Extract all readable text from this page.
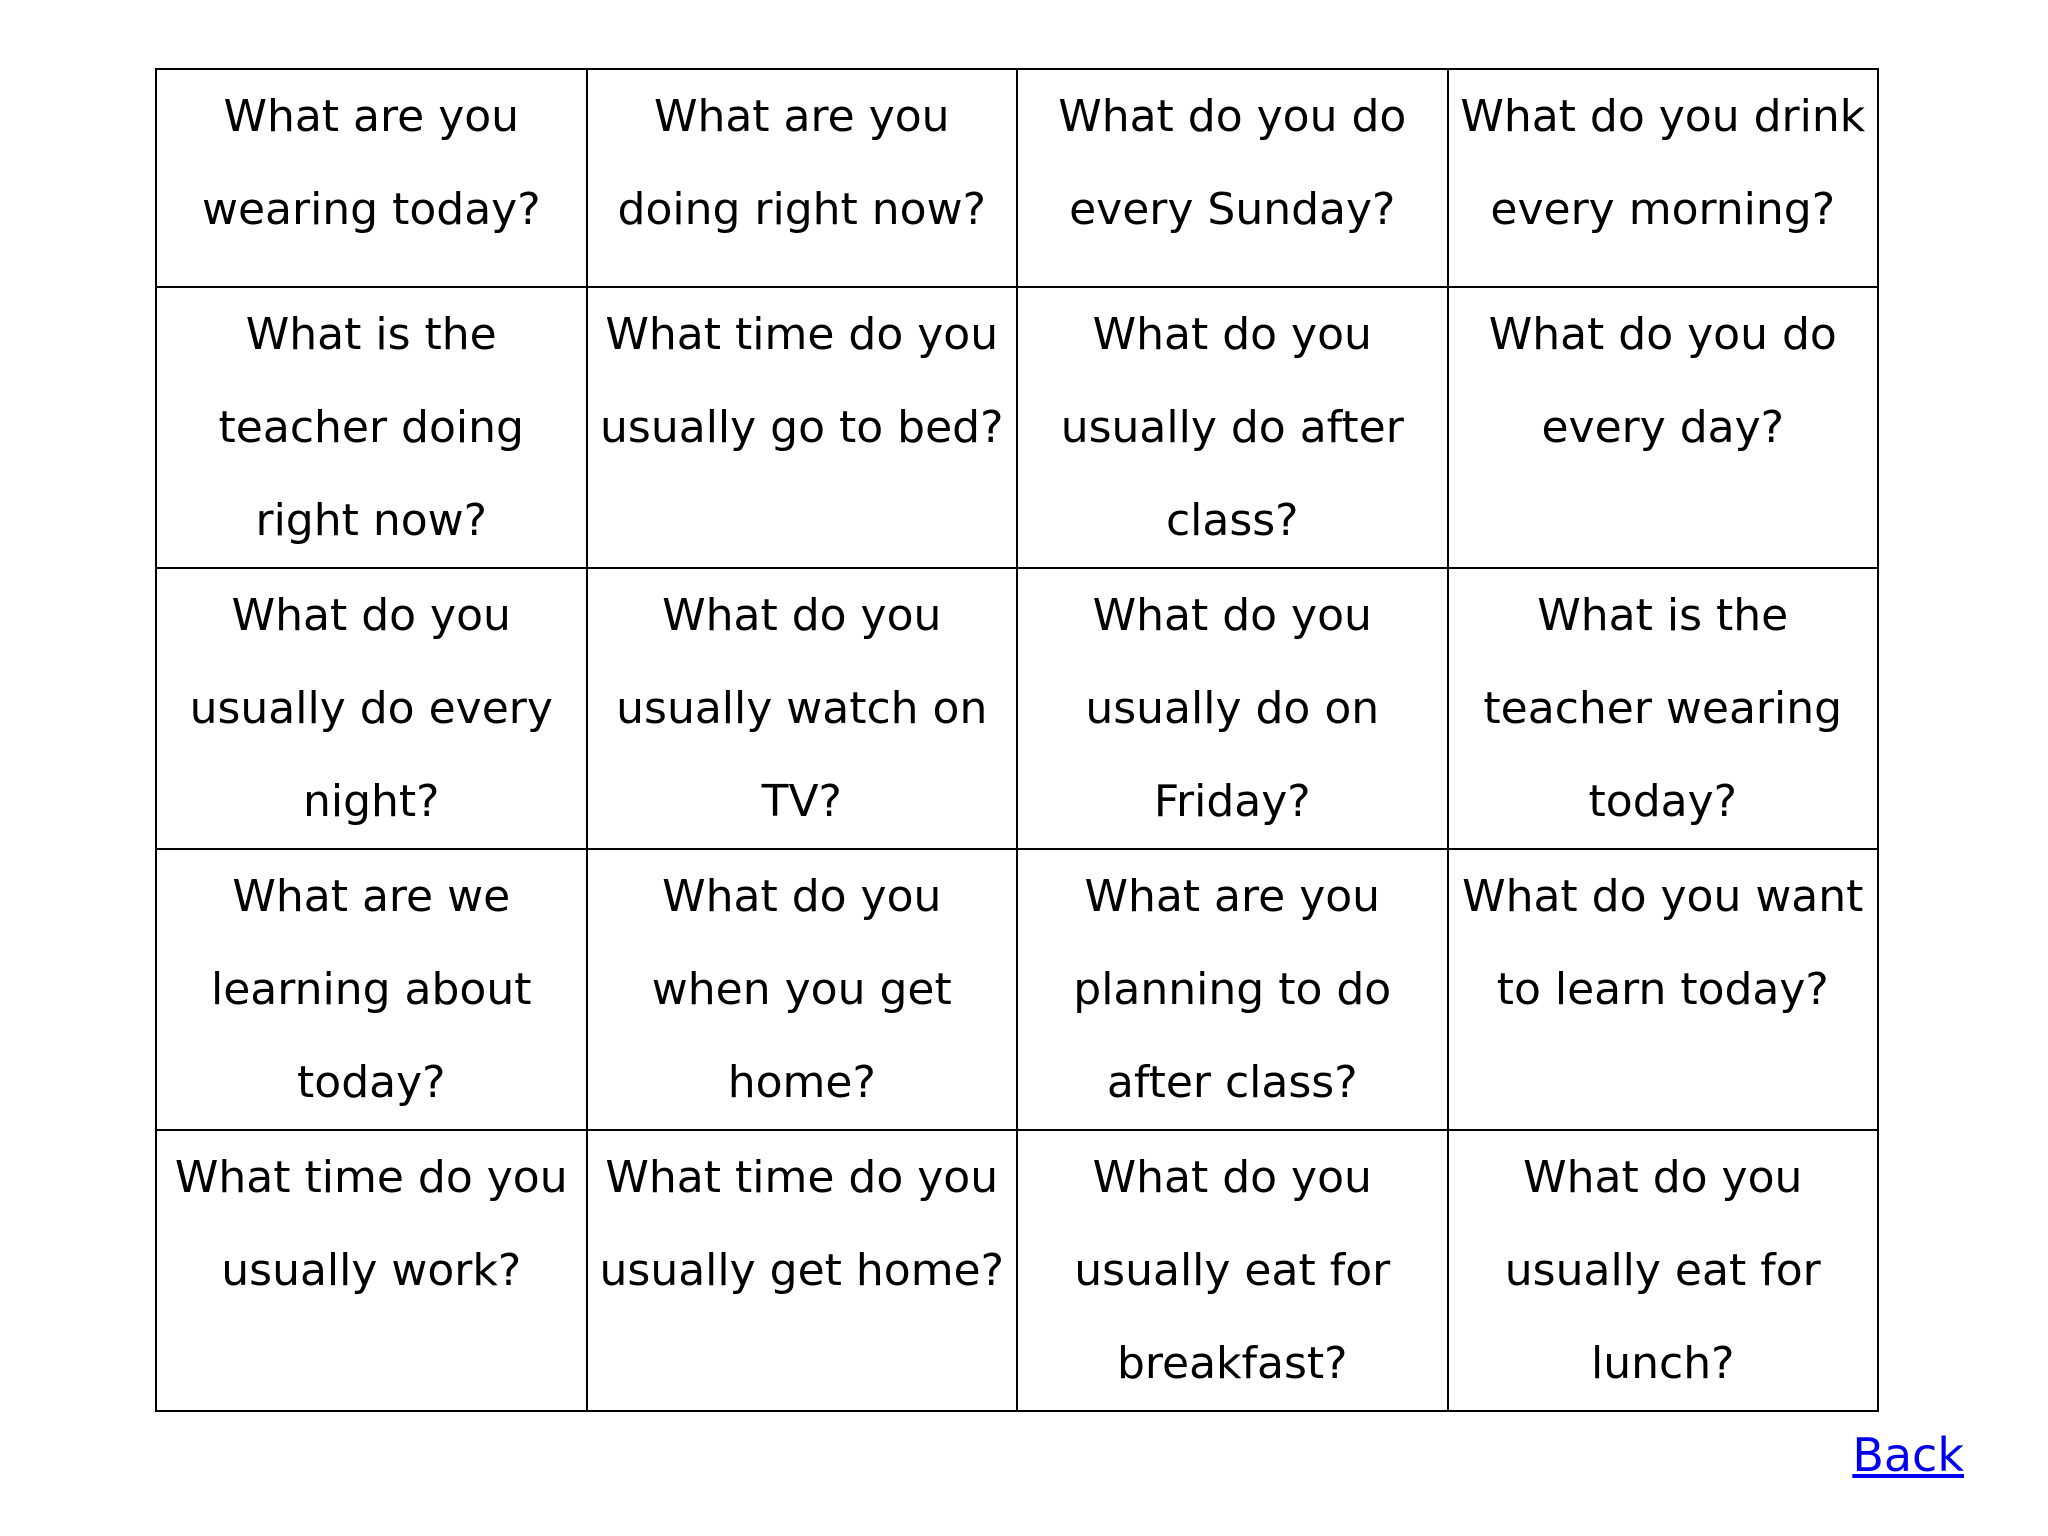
What are you wearing today?	What are you doing right now?	What do you do every Sunday?	What do you drink every morning?
What is the teacher doing right now?	What time do you usually go to bed?	What do you usually do after class?	What do you do every day?
What do you usually do every night?	What do you usually watch on TV?	What do you usually do on Friday?	What is the teacher wearing today?
What are we learning about today?	What do you when you get home?	What are you planning to do after class?	What do you want to learn today?
What time do you usually work?	What time do you usually get home?	What do you usually eat for breakfast?	What do you usually eat for lunch?
Back
